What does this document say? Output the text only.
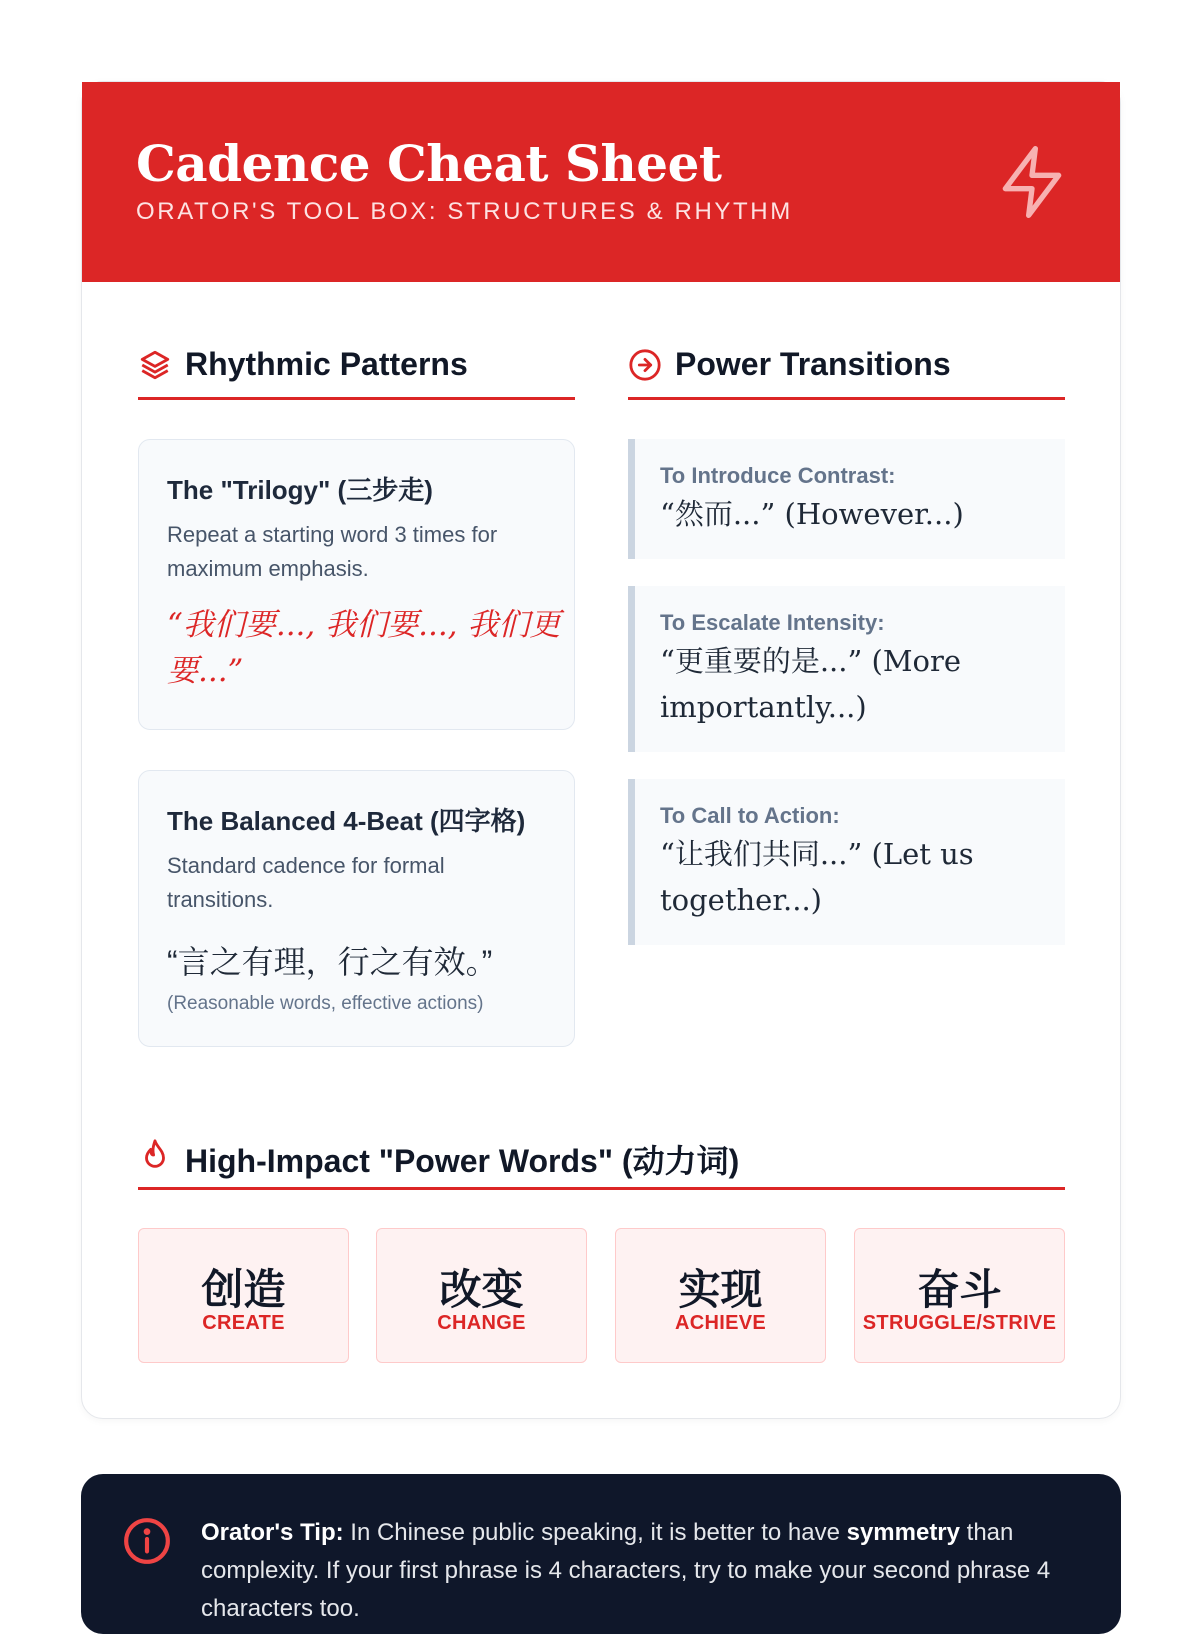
Cadence Cheat Sheet
ORATOR'S TOOL BOX: STRUCTURES & RHYTHM
Rhythmic Patterns	Power Transitions
The "Trilogy" (三步走)
Repeat a starting word 3 times for maximum emphasis.
“我们要..., 我们要..., 我们更要...”
The Balanced 4-Beat (四字格)
Standard cadence for formal transitions.
“言之有理，行之有效。”
(Reasonable words, effective actions)
To Introduce Contrast:
“然而...” (However...)
To Escalate Intensity:
“更重要的是...” (More importantly...)
To Call to Action:
“让我们共同...” (Let us together...)
High-Impact "Power Words" (动力词)
创造
CREATE
改变
CHANGE
实现
ACHIEVE
奋斗
STRUGGLE/STRIVE
Orator's Tip: In Chinese public speaking, it is better to have symmetry than complexity. If your first phrase is 4 characters, try to make your second phrase 4 characters too.
